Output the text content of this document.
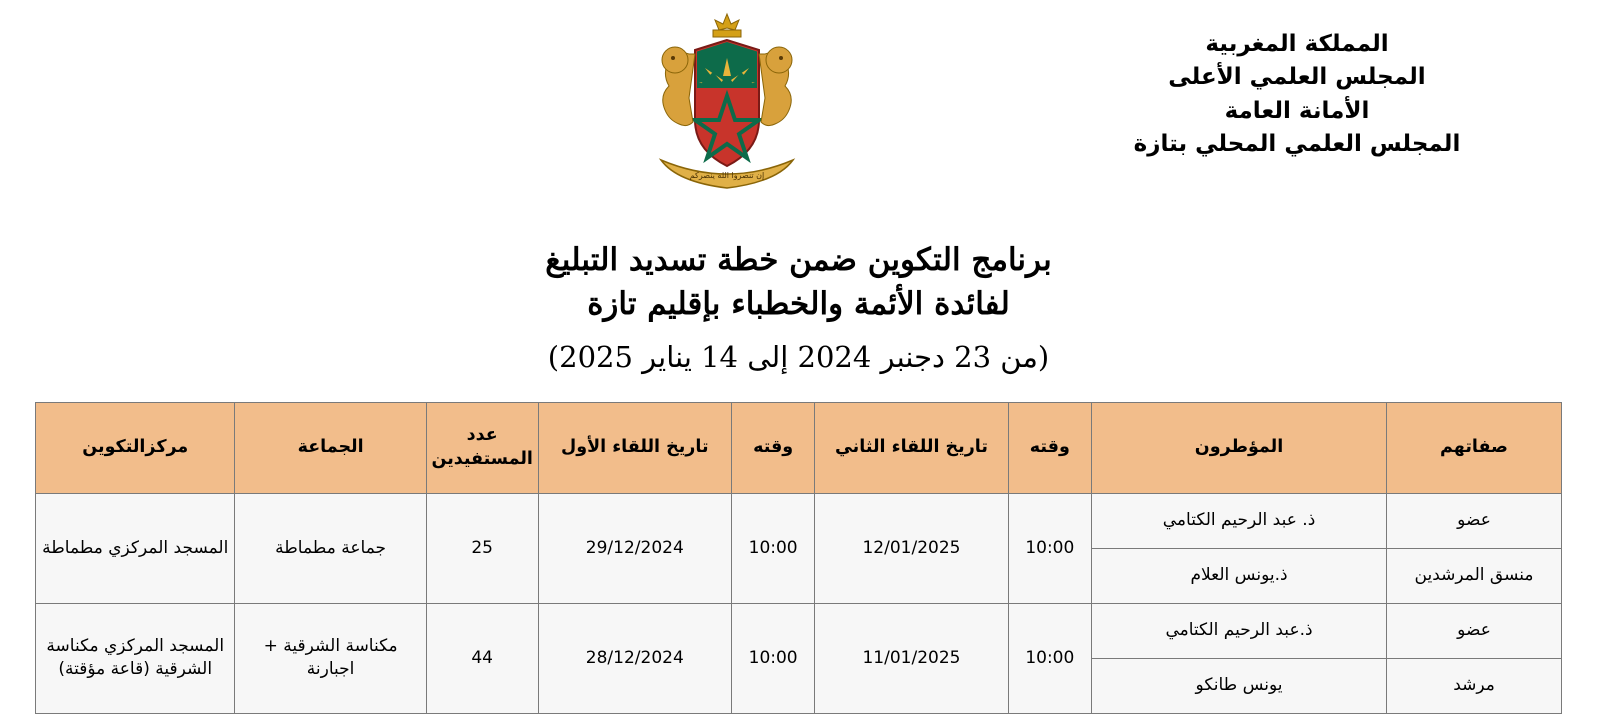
المملكة المغربية
المجلس العلمي الأعلى
الأمانة العامة
المجلس العلمي المحلي بتازة
إن تنصروا الله ينصركم
برنامج التكوين ضمن خطة تسديد التبليغ
لفائدة الأئمة والخطباء بإقليم تازة
(من 23 دجنبر 2024 إلى 14 يناير 2025)
صفاتهم	المؤطرون	وقته	تاريخ اللقاء الثاني	وقته	تاريخ اللقاء الأول	عدد المستفيدين	الجماعة	مركزالتكوين
عضو	ذ. عبد الرحيم الكتامي	10:00	12/01/2025	10:00	29/12/2024	25	جماعة مطماطة	المسجد المركزي مطماطة
منسق المرشدين	ذ.يونس العلام							
عضو	ذ.عبد الرحيم الكتامي	10:00	11/01/2025	10:00	28/12/2024	44	مكناسة الشرقية + اجبارنة	المسجد المركزي مكناسة الشرقية (قاعة مؤقتة)
مرشد	يونس طانكو							
